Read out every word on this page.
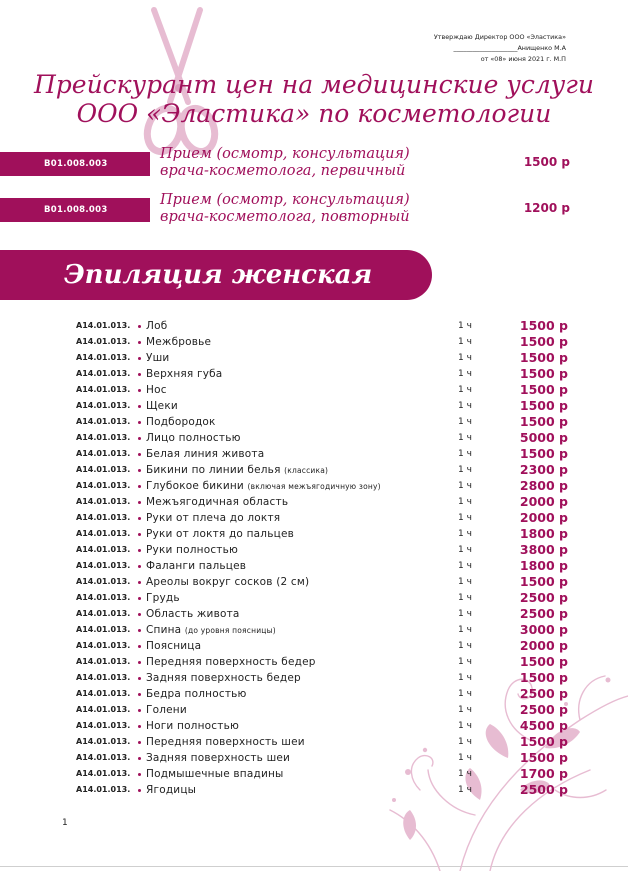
Утверждаю Директор ООО «Эластика»
____________________Анищенко М.А
от «08» июня 2021 г. М.П
Прейскурант цен на медицинские услуги
ООО «Эластика» по косметологии
B01.008.003
Прием (осмотр, консультация)
врача-косметолога, первичный
1500 р
B01.008.003
Прием (осмотр, консультация)
врача-косметолога, повторный
1200 р
Эпиляция женская
A14.01.013. Лоб	1 ч	1500 р
A14.01.013. Межбровье	1 ч	1500 р
A14.01.013. Уши	1 ч	1500 р
A14.01.013. Верхняя губа	1 ч	1500 р
A14.01.013. Нос	1 ч	1500 р
A14.01.013. Щеки	1 ч	1500 р
A14.01.013. Подбородок	1 ч	1500 р
A14.01.013. Лицо полностью	1 ч	5000 р
A14.01.013. Белая линия живота	1 ч	1500 р
A14.01.013. Бикини по линии белья (классика)	1 ч	2300 р
A14.01.013. Глубокое бикини (включая межъягодичную зону)	1 ч	2800 р
A14.01.013. Межъягодичная область	1 ч	2000 р
A14.01.013. Руки от плеча до локтя	1 ч	2000 р
A14.01.013. Руки от локтя до пальцев	1 ч	1800 р
A14.01.013. Руки полностью	1 ч	3800 р
A14.01.013. Фаланги пальцев	1 ч	1800 р
A14.01.013. Ареолы вокруг сосков (2 см)	1 ч	1500 р
A14.01.013. Грудь	1 ч	2500 р
A14.01.013. Область живота	1 ч	2500 р
A14.01.013. Спина (до уровня поясницы)	1 ч	3000 р
A14.01.013. Поясница	1 ч	2000 р
A14.01.013. Передняя поверхность бедер	1 ч	1500 р
A14.01.013. Задняя поверхность бедер	1 ч	1500 р
A14.01.013. Бедра полностью	1 ч	2500 р
A14.01.013. Голени	1 ч	2500 р
A14.01.013. Ноги полностью	1 ч	4500 р
A14.01.013. Передняя поверхность шеи	1 ч	1500 р
A14.01.013. Задняя поверхность шеи	1 ч	1500 р
A14.01.013. Подмышечные впадины	1 ч	1700 р
A14.01.013. Ягодицы	1 ч	2500 р
1
